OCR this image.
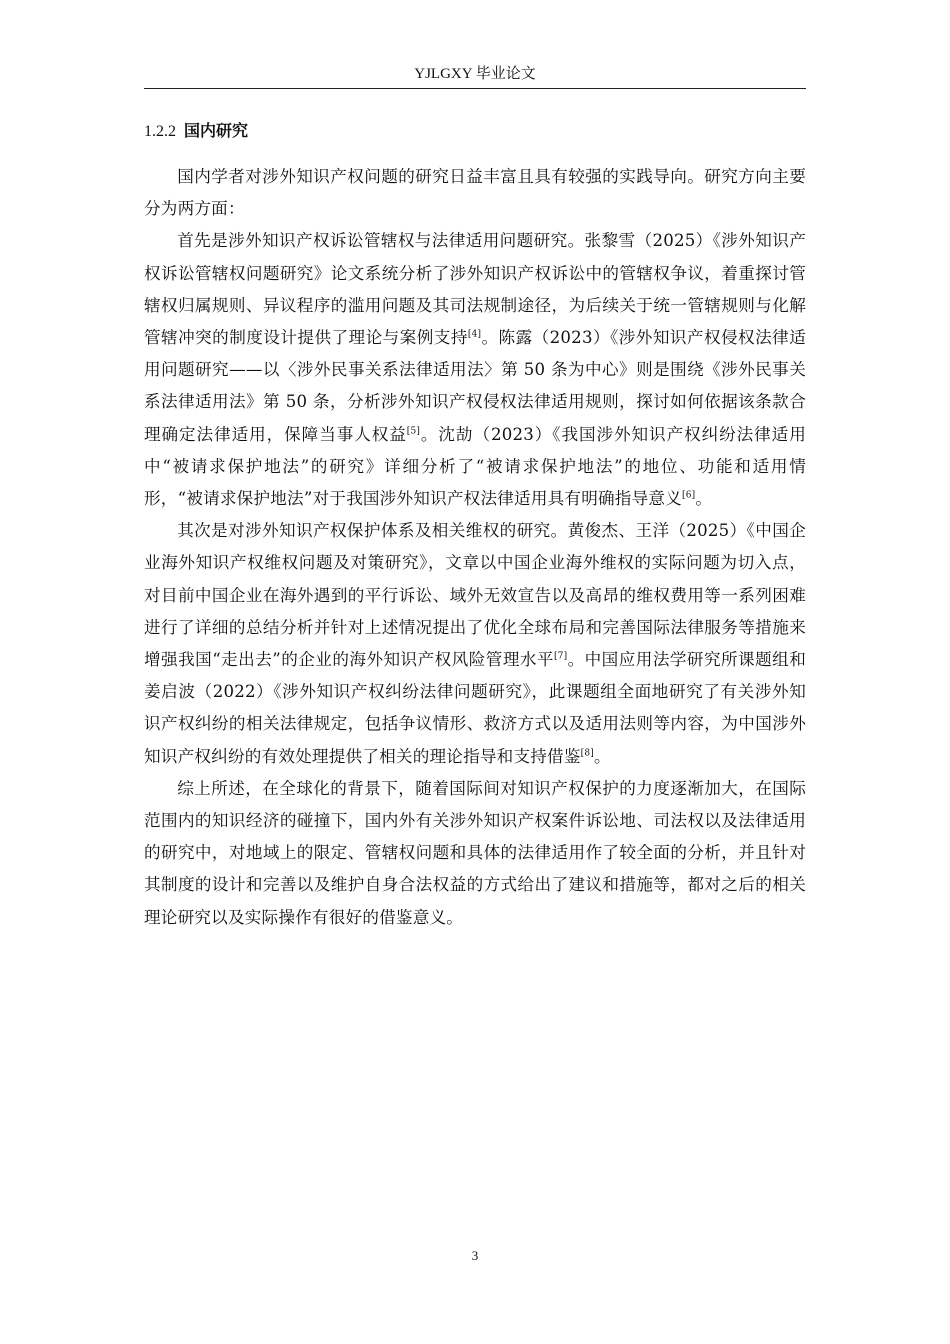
YJLGXY 毕业论文
1.2.2 国内研究

国内学者对涉外知识产权问题的研究日益丰富且具有较强的实践导向。研究方向主要分为两方面：

首先是涉外知识产权诉讼管辖权与法律适用问题研究。张黎雪（2025）《涉外知识产权诉讼管辖权问题研究》论文系统分析了涉外知识产权诉讼中的管辖权争议，着重探讨管辖权归属规则、异议程序的滥用问题及其司法规制途径，为后续关于统一管辖规则与化解管辖冲突的制度设计提供了理论与案例支持[4]。陈露（2023）《涉外知识产权侵权法律适用问题研究——以〈涉外民事关系法律适用法〉第 50 条为中心》则是围绕《涉外民事关系法律适用法》第 50 条，分析涉外知识产权侵权法律适用规则，探讨如何依据该条款合理确定法律适用，保障当事人权益[5]。沈劼（2023）《我国涉外知识产权纠纷法律适用中“被请求保护地法”的研究》详细分析了“被请求保护地法”的地位、功能和适用情形，“被请求保护地法”对于我国涉外知识产权法律适用具有明确指导意义[6]。

其次是对涉外知识产权保护体系及相关维权的研究。黄俊杰、王洋（2025）《中国企业海外知识产权维权问题及对策研究》，文章以中国企业海外维权的实际问题为切入点，对目前中国企业在海外遇到的平行诉讼、域外无效宣告以及高昂的维权费用等一系列困难进行了详细的总结分析并针对上述情况提出了优化全球布局和完善国际法律服务等措施来增强我国“走出去”的企业的海外知识产权风险管理水平[7]。中国应用法学研究所课题组和姜启波（2022）《涉外知识产权纠纷法律问题研究》，此课题组全面地研究了有关涉外知识产权纠纷的相关法律规定，包括争议情形、救济方式以及适用法则等内容，为中国涉外知识产权纠纷的有效处理提供了相关的理论指导和支持借鉴[8]。

综上所述，在全球化的背景下，随着国际间对知识产权保护的力度逐渐加大，在国际范围内的知识经济的碰撞下，国内外有关涉外知识产权案件诉讼地、司法权以及法律适用的研究中，对地域上的限定、管辖权问题和具体的法律适用作了较全面的分析，并且针对其制度的设计和完善以及维护自身合法权益的方式给出了建议和措施等，都对之后的相关理论研究以及实际操作有很好的借鉴意义。

3
